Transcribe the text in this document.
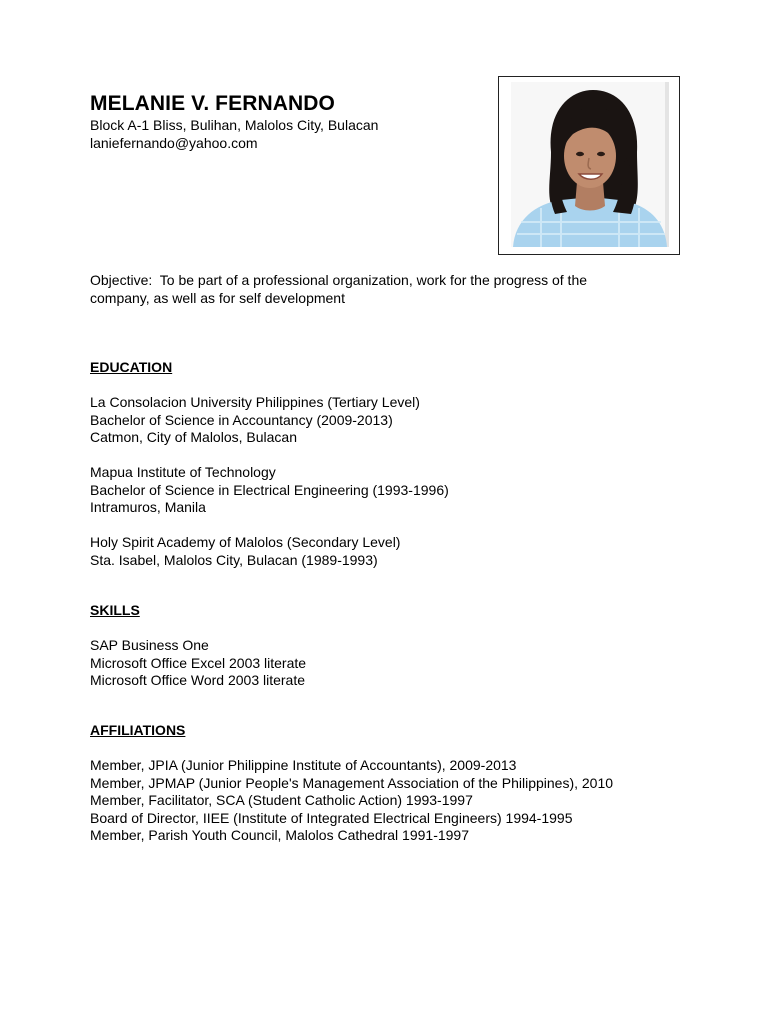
MELANIE V. FERNANDO
Block A-1 Bliss, Bulihan, Malolos City, Bulacan
laniefernando@yahoo.com
Objective: To be part of a professional organization, work for the progress of the
company, as well as for self development
EDUCATION
La Consolacion University Philippines (Tertiary Level)
Bachelor of Science in Accountancy (2009-2013)
Catmon, City of Malolos, Bulacan
Mapua Institute of Technology
Bachelor of Science in Electrical Engineering (1993-1996)
Intramuros, Manila
Holy Spirit Academy of Malolos (Secondary Level)
Sta. Isabel, Malolos City, Bulacan (1989-1993)
SKILLS
SAP Business One
Microsoft Office Excel 2003 literate
Microsoft Office Word 2003 literate
AFFILIATIONS
Member, JPIA (Junior Philippine Institute of Accountants), 2009-2013
Member, JPMAP (Junior People's Management Association of the Philippines), 2010
Member, Facilitator, SCA (Student Catholic Action) 1993-1997
Board of Director, IIEE (Institute of Integrated Electrical Engineers) 1994-1995
Member, Parish Youth Council, Malolos Cathedral 1991-1997
